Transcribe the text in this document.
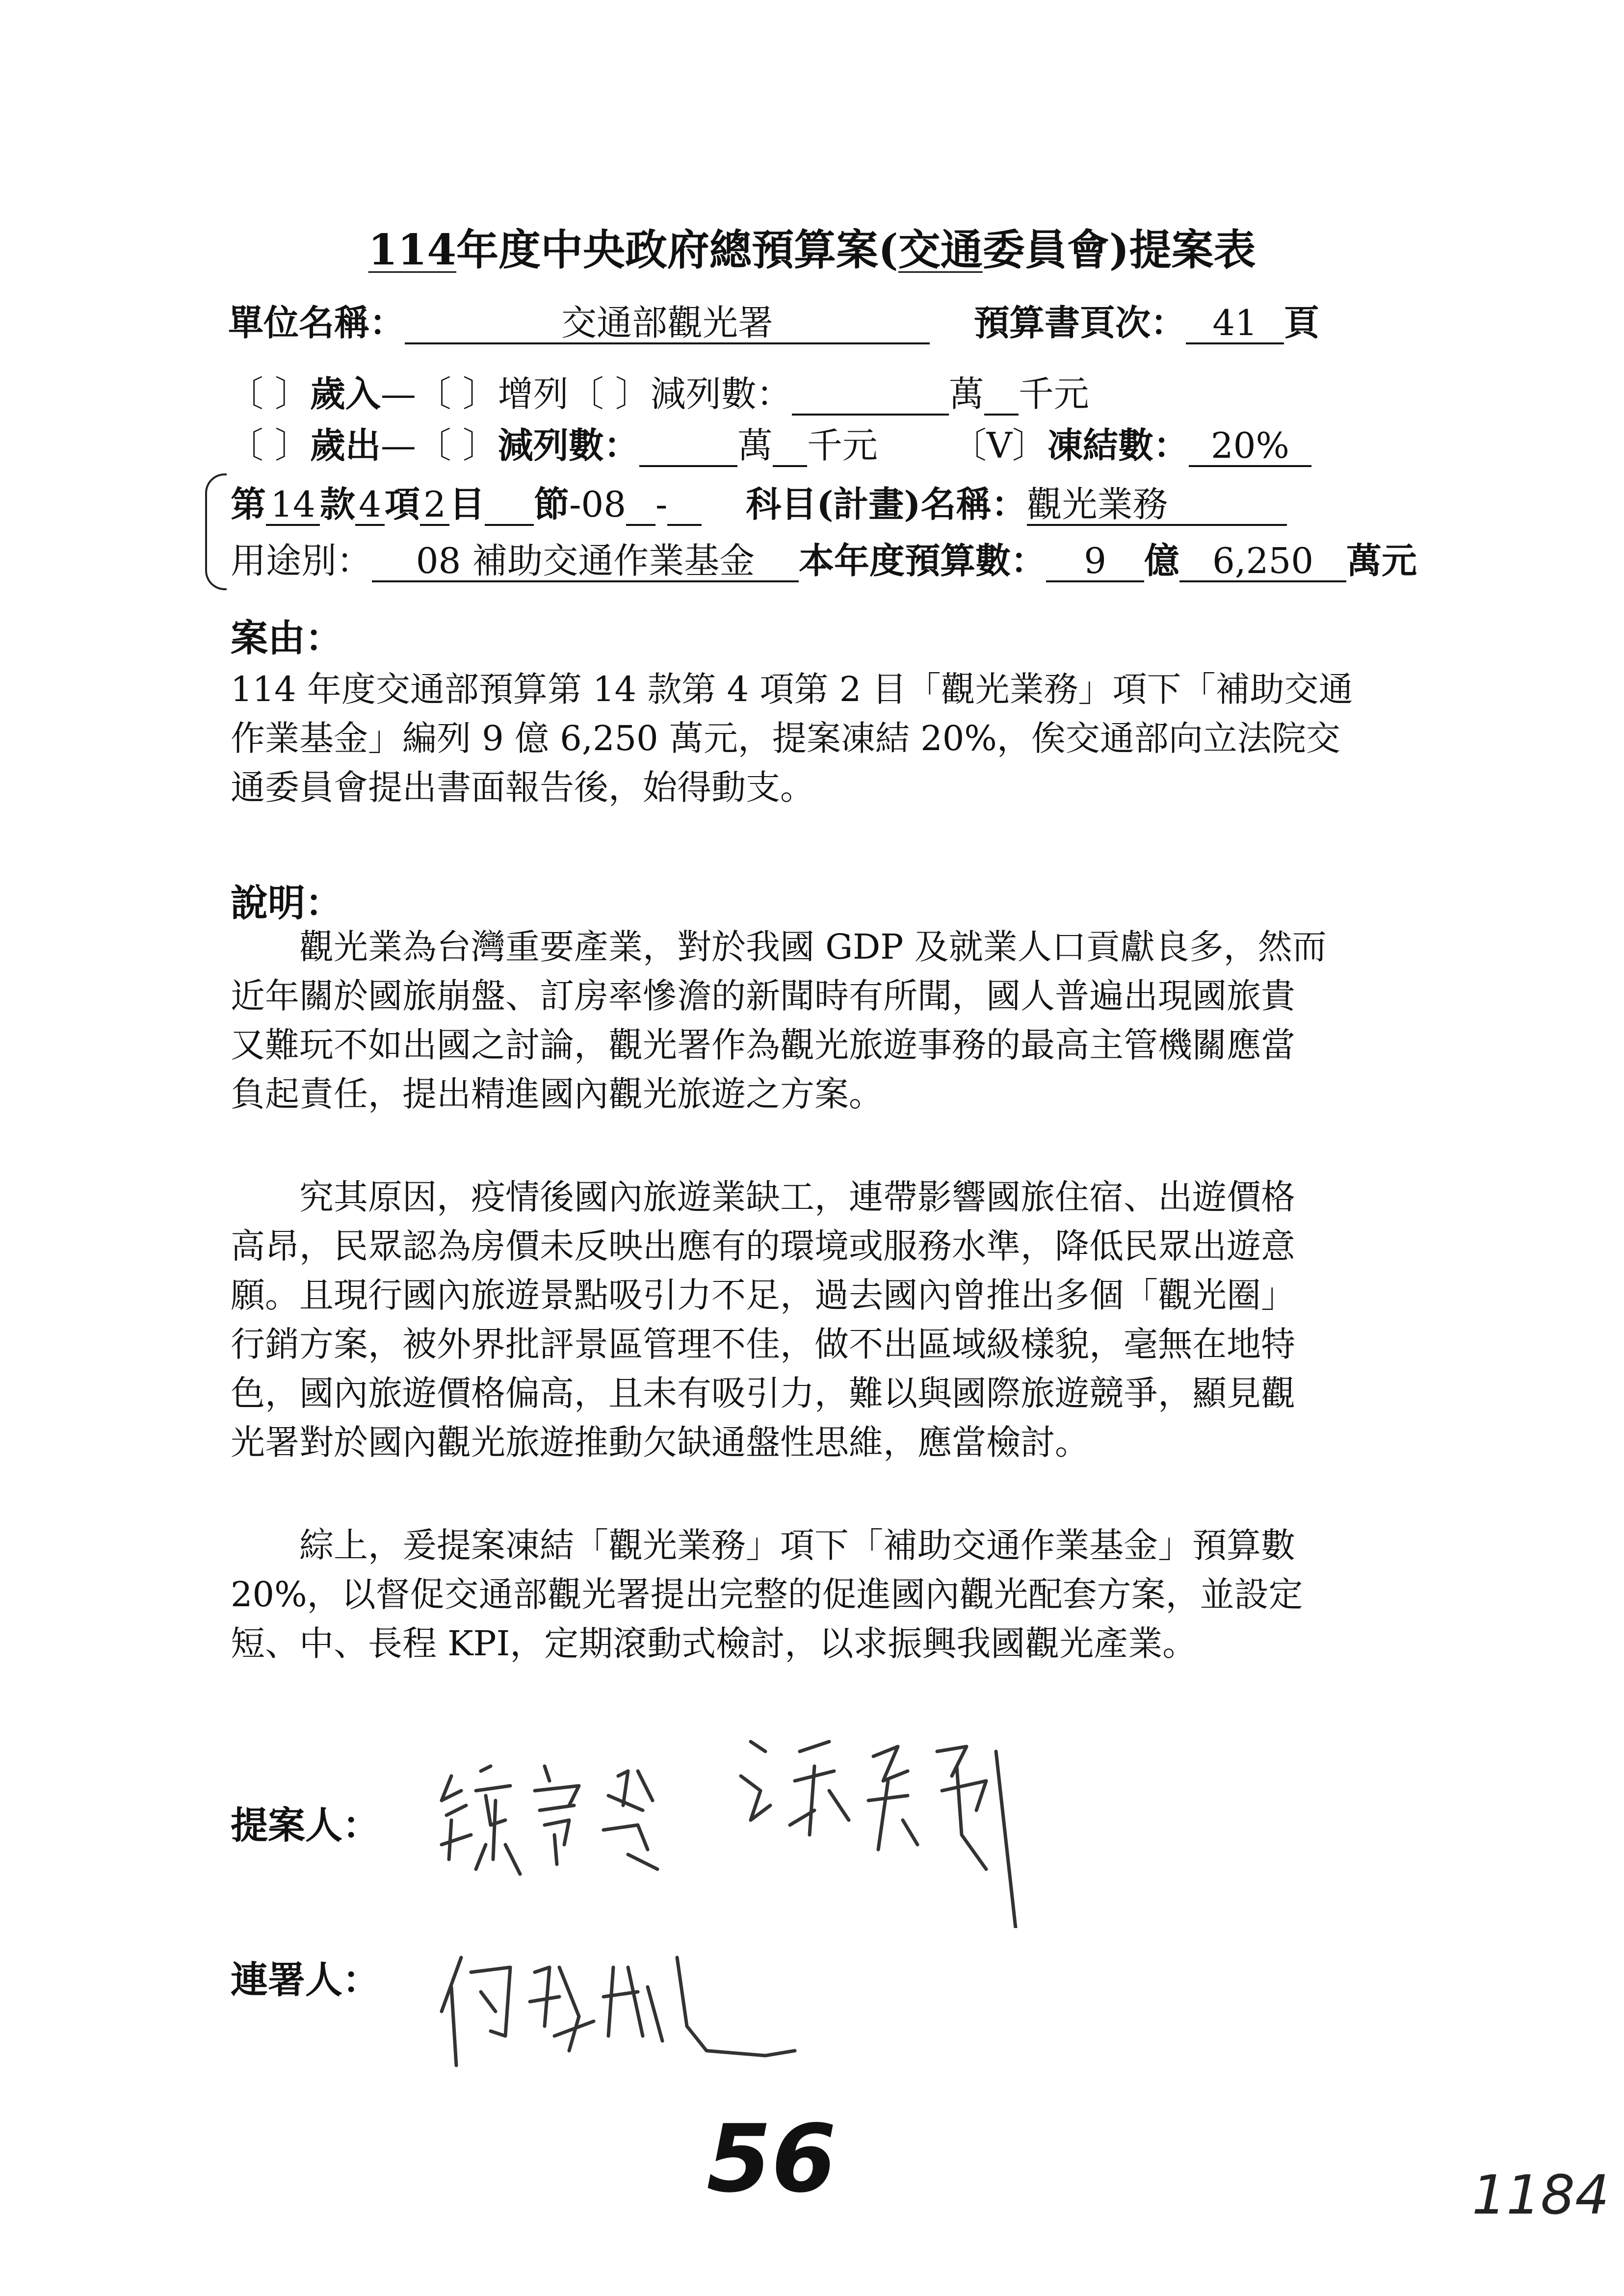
114年度中央政府總預算案(交通委員會)提案表
單位名稱：	交通部觀光署	預算書頁次： 41 頁
〔 〕歲入—〔 〕增列〔 〕減列數：	萬 千元
〔 〕歲出—〔 〕減列數：	萬 千元 〔V〕凍結數： 20%
第 14 款4項2目 節-08 - 科目(計畫)名稱：觀光業務
用途別： 08 補助交通作業基金 本年度預算數： 9 億 6,250 萬元
案由：
114 年度交通部預算第 14 款第 4 項第 2 目「觀光業務」項下「補助交通
作業基金」編列 9 億 6,250 萬元，提案凍結 20%，俟交通部向立法院交
通委員會提出書面報告後，始得動支。
說明：
　　觀光業為台灣重要產業，對於我國 GDP 及就業人口貢獻良多，然而
近年關於國旅崩盤、訂房率慘澹的新聞時有所聞，國人普遍出現國旅貴
又難玩不如出國之討論，觀光署作為觀光旅遊事務的最高主管機關應當
負起責任，提出精進國內觀光旅遊之方案。
　　究其原因，疫情後國內旅遊業缺工，連帶影響國旅住宿、出遊價格
高昂，民眾認為房價未反映出應有的環境或服務水準，降低民眾出遊意
願。且現行國內旅遊景點吸引力不足，過去國內曾推出多個「觀光圈」
行銷方案，被外界批評景區管理不佳，做不出區域級樣貌，毫無在地特
色，國內旅遊價格偏高，且未有吸引力，難以與國際旅遊競爭，顯見觀
光署對於國內觀光旅遊推動欠缺通盤性思維，應當檢討。
　　綜上，爰提案凍結「觀光業務」項下「補助交通作業基金」預算數
20%，以督促交通部觀光署提出完整的促進國內觀光配套方案，並設定
短、中、長程 KPI，定期滾動式檢討，以求振興我國觀光產業。
提案人：
連署人：
56	1184
